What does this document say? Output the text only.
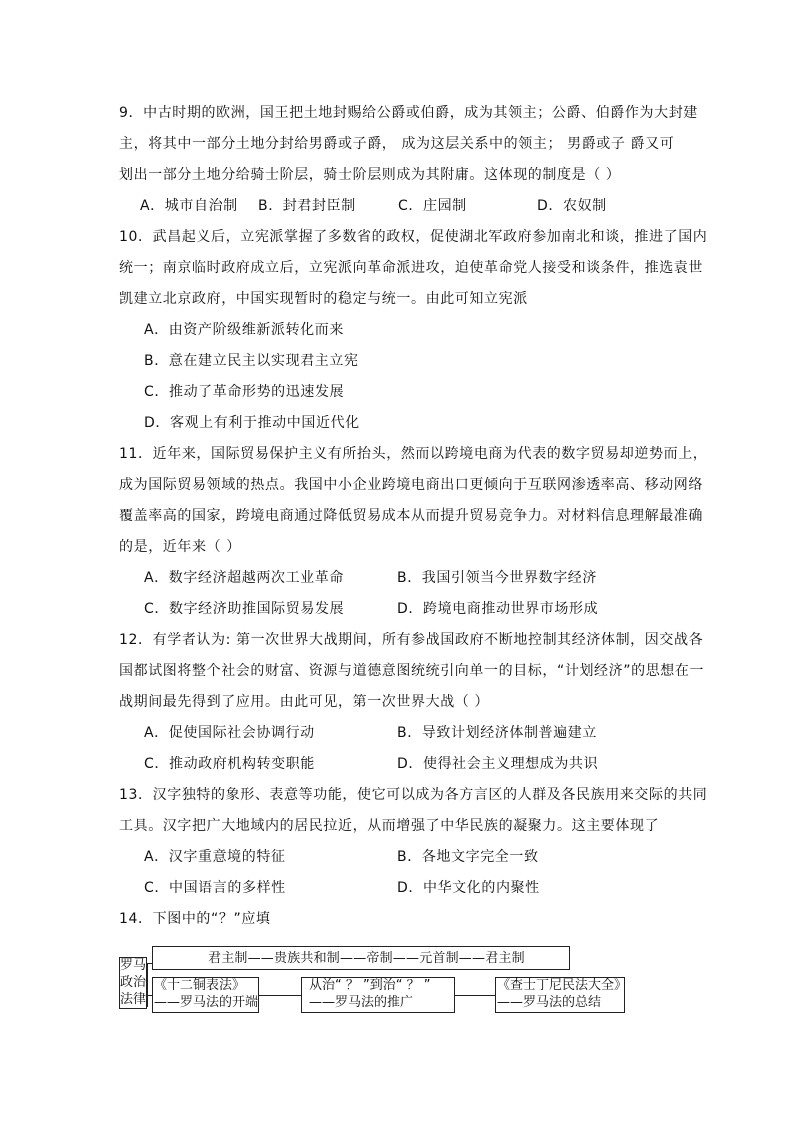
9．中古时期的欧洲，国王把土地封赐给公爵或伯爵，成为其领主；公爵、伯爵作为大封建
主，将其中一部分土地分封给男爵或子爵， 成为这层关系中的领主； 男爵或子 爵又可
划出一部分土地分给骑士阶层，骑士阶层则成为其附庸。这体现的制度是（ ）
A．城市自治制 B．封君封臣制	C．庄园制	D．农奴制
10．武昌起义后，立宪派掌握了多数省的政权，促使湖北军政府参加南北和谈，推进了国内
统一；南京临时政府成立后，立宪派向革命派进攻，迫使革命党人接受和谈条件，推选袁世
凯建立北京政府，中国实现暂时的稳定与统一。由此可知立宪派
A．由资产阶级维新派转化而来
B．意在建立民主以实现君主立宪
C．推动了革命形势的迅速发展
D．客观上有利于推动中国近代化
11．近年来，国际贸易保护主义有所抬头，然而以跨境电商为代表的数字贸易却逆势而上，
成为国际贸易领域的热点。我国中小企业跨境电商出口更倾向于互联网渗透率高、移动网络
覆盖率高的国家，跨境电商通过降低贸易成本从而提升贸易竞争力。对材料信息理解最准确
的是，近年来（ ）
A．数字经济超越两次工业革命	B．我国引领当今世界数字经济
C．数字经济助推国际贸易发展	D．跨境电商推动世界市场形成
12．有学者认为: 第一次世界大战期间，所有参战国政府不断地控制其经济体制，因交战各
国都试图将整个社会的财富、资源与道德意图统统引向单一的目标，“计划经济”的思想在一
战期间最先得到了应用。由此可见，第一次世界大战（ ）
A．促使国际社会协调行动	B．导致计划经济体制普遍建立
C．推动政府机构转变职能	D．使得社会主义理想成为共识
13．汉字独特的象形、表意等功能，使它可以成为各方言区的人群及各民族用来交际的共同
工具。汉字把广大地域内的居民拉近，从而增强了中华民族的凝聚力。这主要体现了
A．汉字重意境的特征	B．各地文字完全一致
C．中国语言的多样性	D．中华文化的内聚性
14．下图中的“？”应填
罗马
政治
法律
君主制——贵族共和制——帝制——元首制——君主制
《十二铜表法》
——罗马法的开端
从治“ ？ ”到治“ ？ ”
——罗马法的推广
《查士丁尼民法大全》
——罗马法的总结
